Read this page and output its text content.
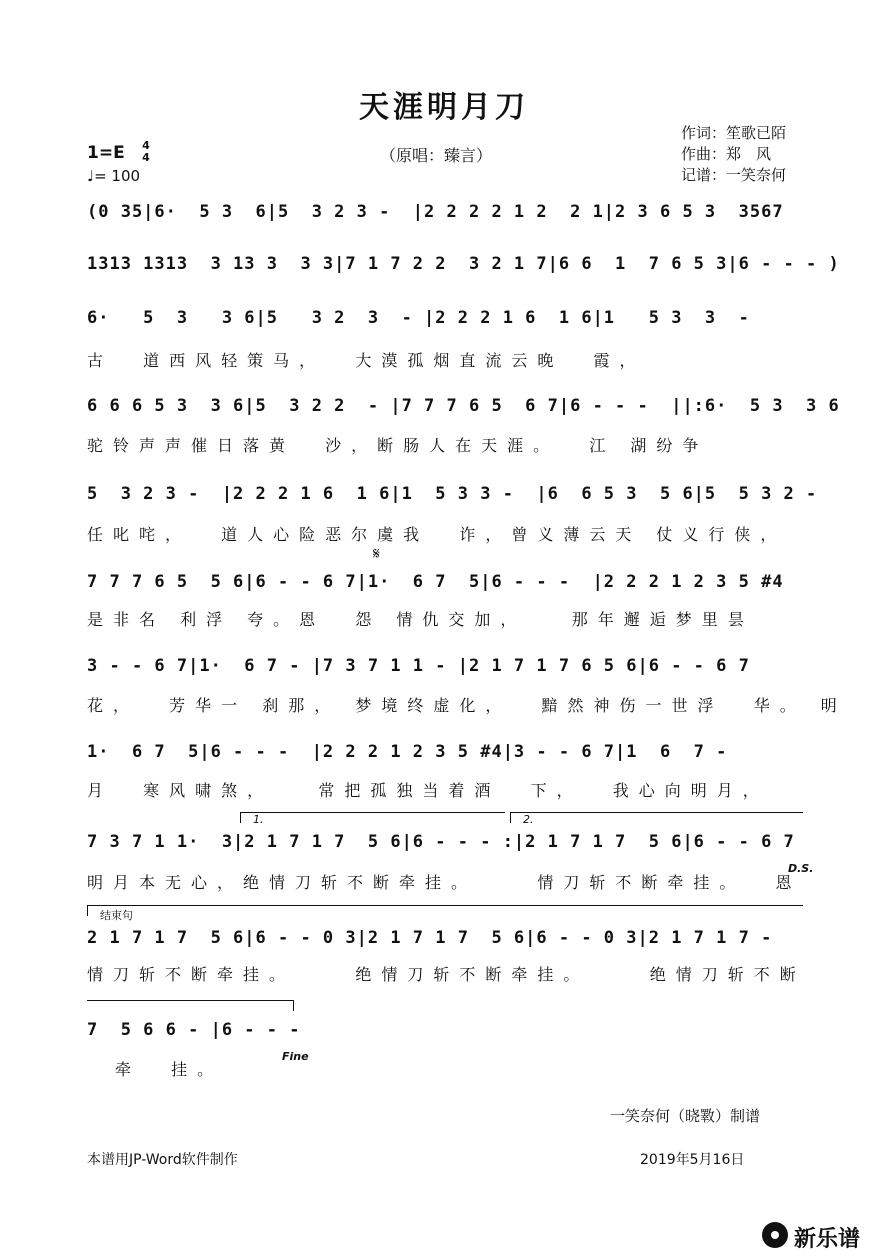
天涯明月刀
（原唱：臻言）
作词：笙歌已陌
作曲：郑　风
记谱：一笑奈何
1=E 4
4
♩= 100
(0 35|6·  5 3  6|5  3 2 3 -  |2 2 2 2 1 2  2 1|2 3 6 5 3  3567
1313 1313  3 13 3  3 3|7 1 7 2 2  3 2 1 7|6 6  1  7 6 5 3|6 - - - )
6·   5  3   3 6|5   3 2  3  - |2 2 2 1 6  1 6|1   5 3  3  -
古  道西风轻策马，  大漠孤烟直流云晚  霞，
6 6 6 5 3  3 6|5  3 2 2  - |7 7 7 6 5  6 7|6 - - -  ||:6·  5 3  3 6
驼铃声声催日落黄  沙，断肠人在天涯。  江 湖纷争
5  3 2 3 -  |2 2 2 1 6  1 6|1  5 3 3 -  |6  6 5 3  5 6|5  5 3 2 -
任叱咤，  道人心险恶尔虞我  诈，曾义薄云天 仗义行侠，
𝄋
7 7 7 6 5  5 6|6 - - 6 7|1·  6 7  5|6 - - -  |2 2 2 1 2 3 5 #4
是非名 利浮 夸。恩  怨 情仇交加，   那年邂逅梦里昙
3 - - 6 7|1·  6 7 - |7 3 7 1 1 - |2 1 7 1 7 6 5 6|6 - - 6 7
花，  芳华一 刹那， 梦境终虚化，  黯然神伤一世浮  华。 明
1·  6 7  5|6 - - -  |2 2 2 1 2 3 5 #4|3 - - 6 7|1  6  7 -
月  寒风啸煞，   常把孤独当着酒  下，  我心向明月，
1.	2.
7 3 7 1 1·  3|2 1 7 1 7  5 6|6 - - - :|2 1 7 1 7  5 6|6 - - 6 7
D.S.
明月本无心，绝情刀斩不断牵挂。    情刀斩不断牵挂。  恩
结束句
2 1 7 1 7  5 6|6 - - 0 3|2 1 7 1 7  5 6|6 - - 0 3|2 1 7 1 7 -
情刀斩不断牵挂。    绝情刀斩不断牵挂。    绝情刀斩不断
7  5 6 6 - |6 - - -
Fine
牵  挂。
一笑奈何（晓斁）制谱
本谱用JP-Word软件制作	2019年5月16日
新乐谱
